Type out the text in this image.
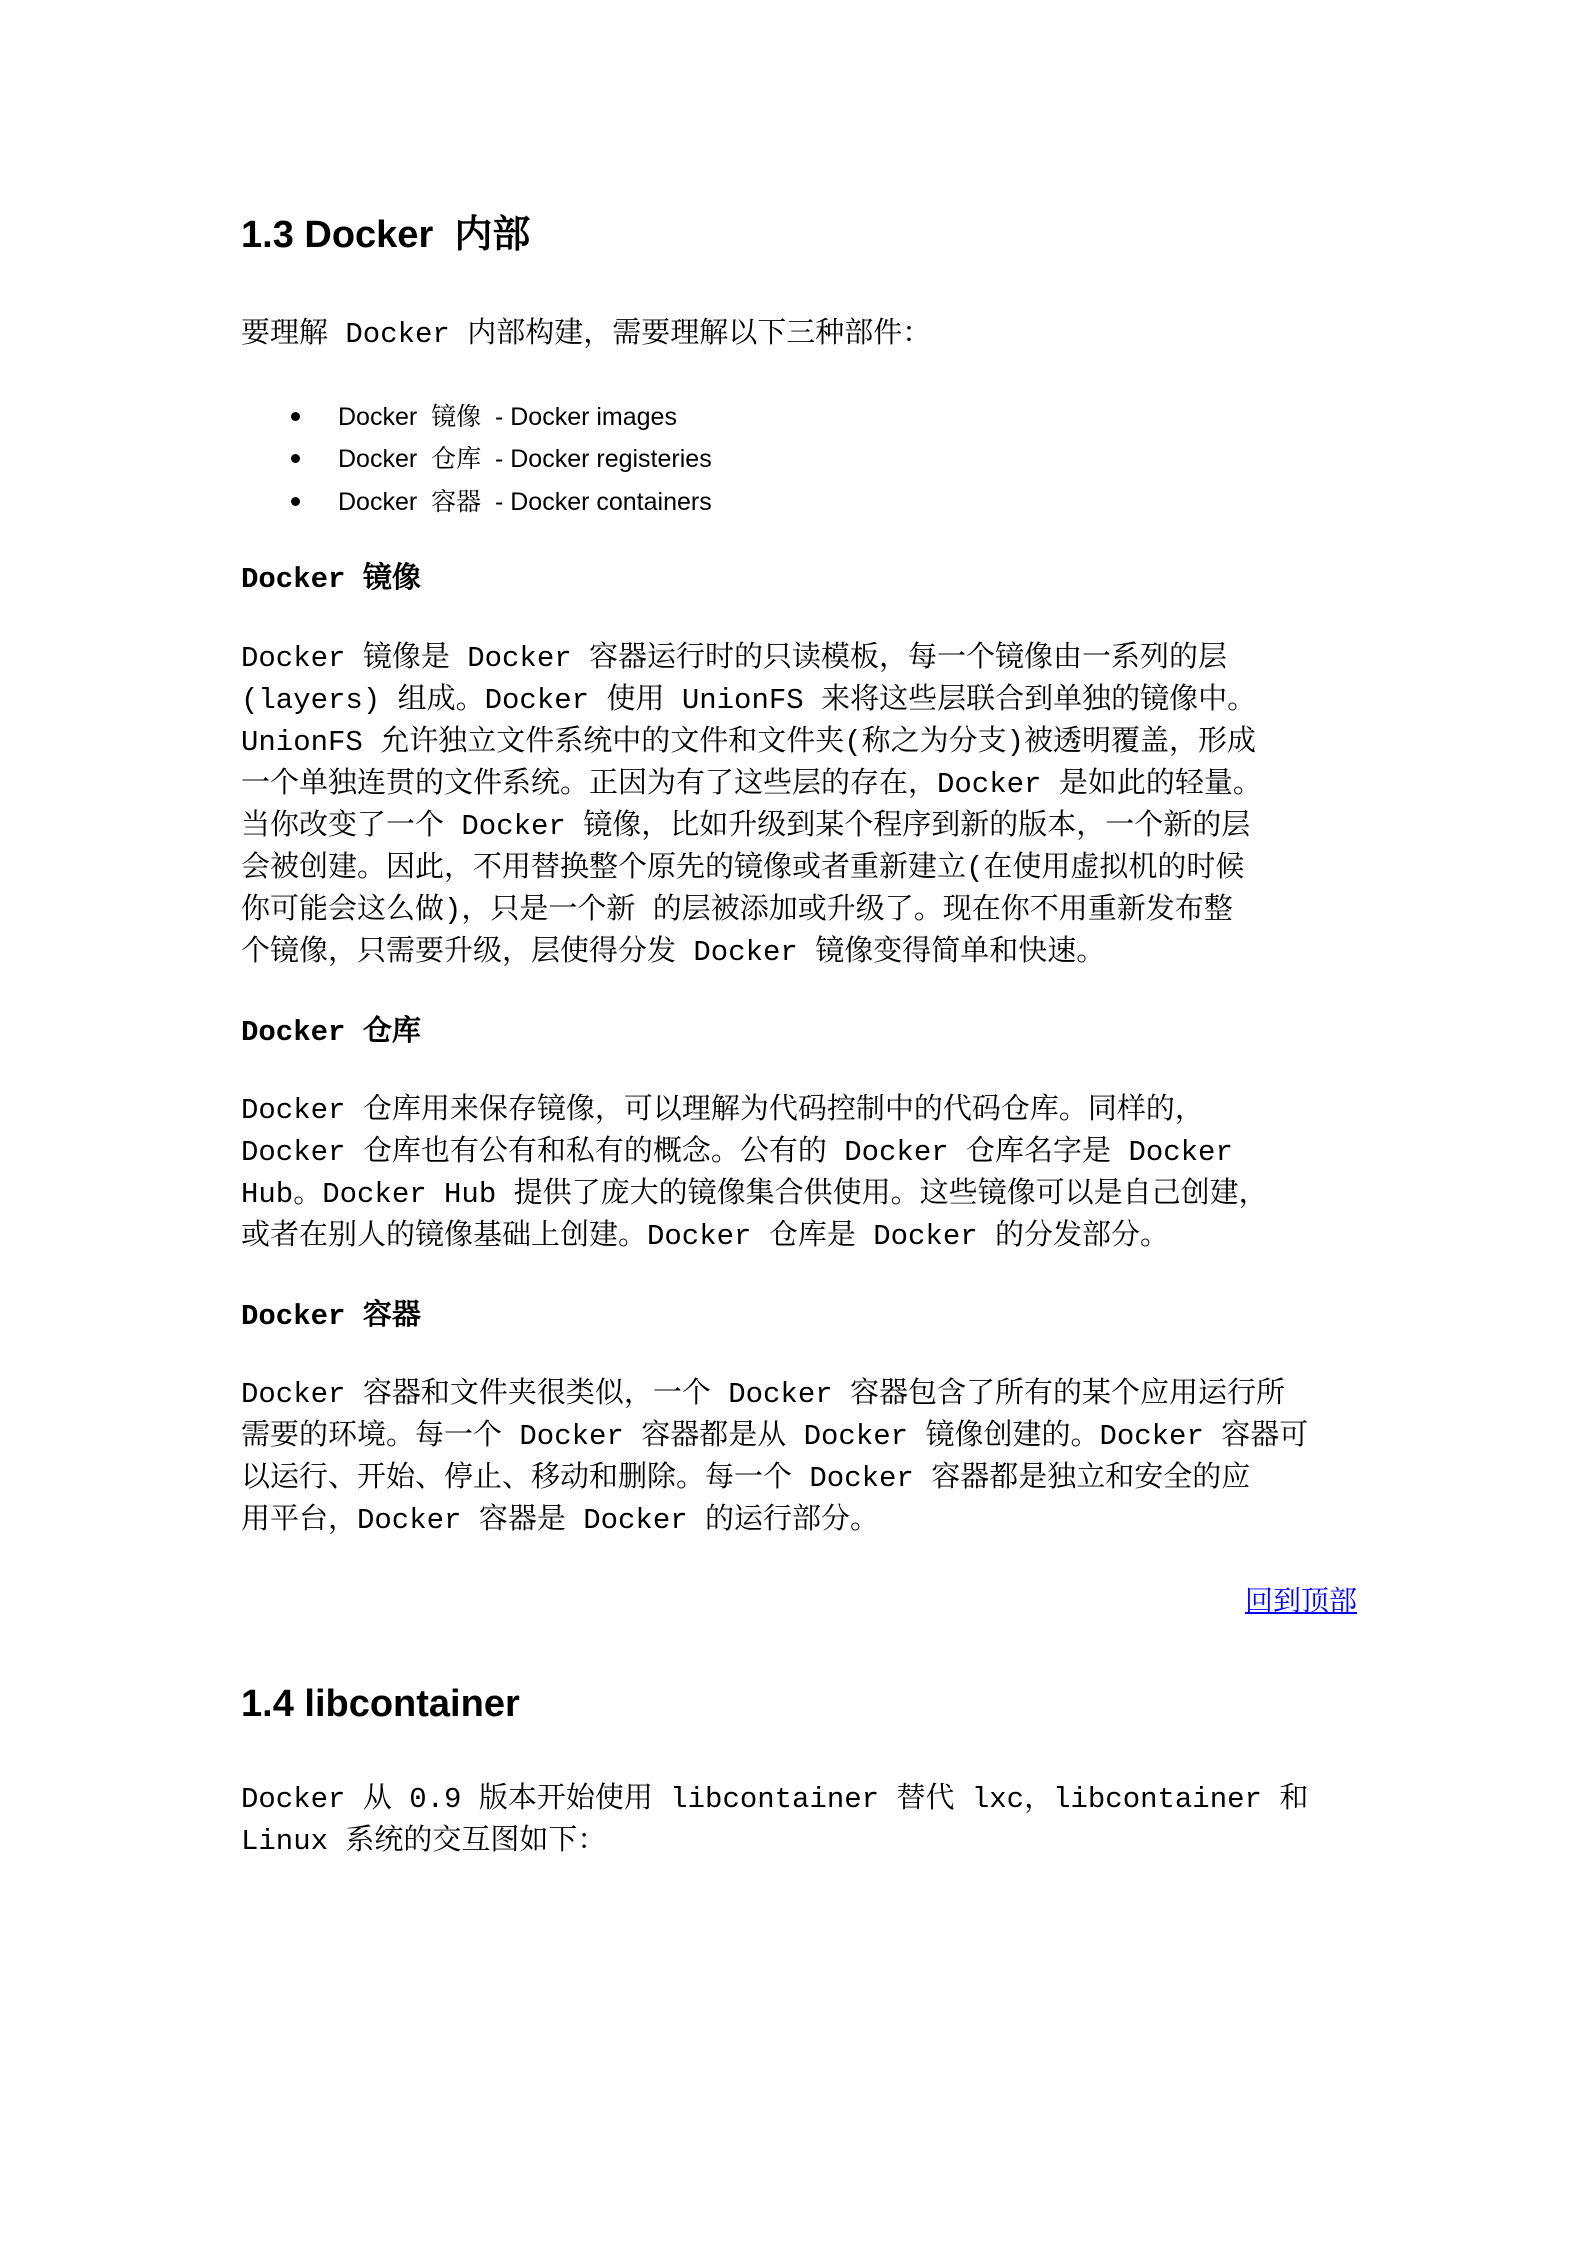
1.3 Docker  内部
要理解 Docker 内部构建，需要理解以下三种部件：
Docker  镜像  - Docker images
Docker  仓库  - Docker registeries
Docker  容器  - Docker containers
Docker 镜像
Docker 镜像是 Docker 容器运行时的只读模板，每一个镜像由一系列的层
(layers) 组成。Docker 使用 UnionFS 来将这些层联合到单独的镜像中。
UnionFS 允许独立文件系统中的文件和文件夹(称之为分支)被透明覆盖，形成
一个单独连贯的文件系统。正因为有了这些层的存在，Docker 是如此的轻量。
当你改变了一个 Docker 镜像，比如升级到某个程序到新的版本，一个新的层
会被创建。因此，不用替换整个原先的镜像或者重新建立(在使用虚拟机的时候
你可能会这么做)，只是一个新 的层被添加或升级了。现在你不用重新发布整
个镜像，只需要升级，层使得分发 Docker 镜像变得简单和快速。
Docker 仓库
Docker 仓库用来保存镜像，可以理解为代码控制中的代码仓库。同样的，
Docker 仓库也有公有和私有的概念。公有的 Docker 仓库名字是 Docker
Hub。Docker Hub 提供了庞大的镜像集合供使用。这些镜像可以是自己创建，
或者在别人的镜像基础上创建。Docker 仓库是 Docker 的分发部分。
Docker 容器
Docker 容器和文件夹很类似，一个 Docker 容器包含了所有的某个应用运行所
需要的环境。每一个 Docker 容器都是从 Docker 镜像创建的。Docker 容器可
以运行、开始、停止、移动和删除。每一个 Docker 容器都是独立和安全的应
用平台，Docker 容器是 Docker 的运行部分。
回到顶部
1.4 libcontainer
Docker 从 0.9 版本开始使用 libcontainer 替代 lxc，libcontainer 和
Linux 系统的交互图如下：
